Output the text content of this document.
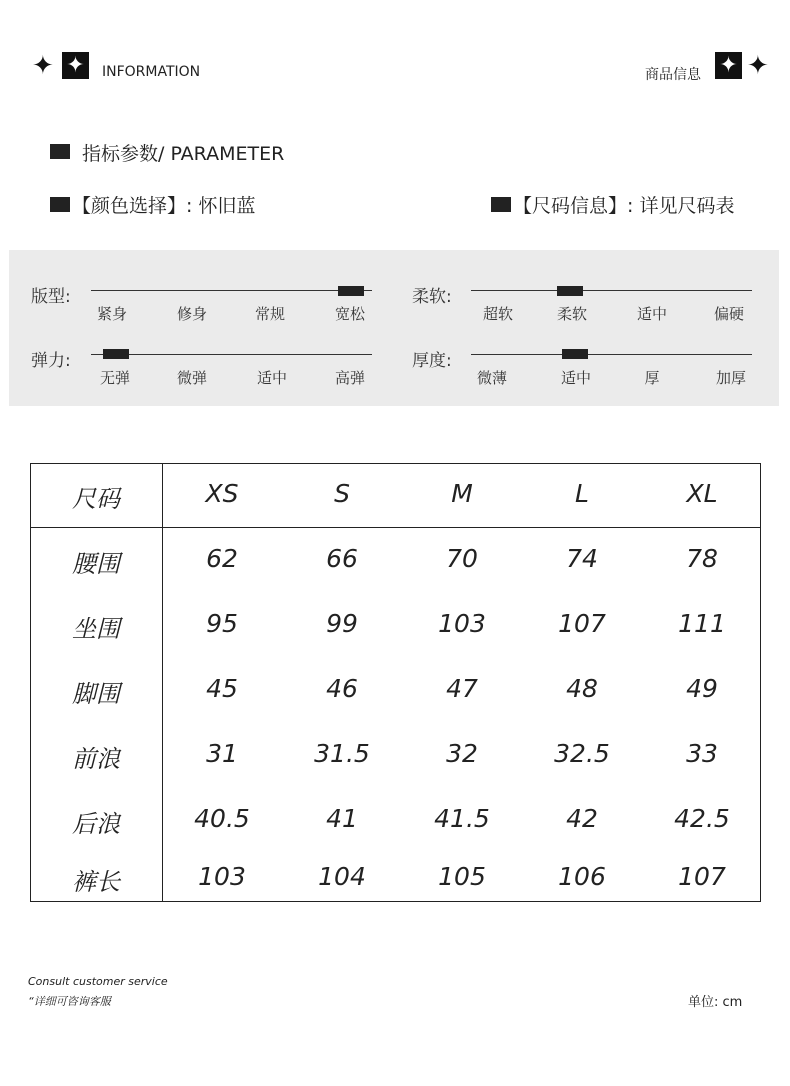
✦ ✦	INFORMATION	商品信息 ✦ ✦
指标参数/ PARAMETER
【颜色选择】: 怀旧蓝	【尺码信息】: 详见尺码表
版型:
紧身	修身	常规	宽松
柔软:
超软	柔软	适中	偏硬
弹力:
无弹	微弹	适中	高弹
厚度:
微薄	适中	厚	加厚
尺码	XS	S	M	L	XL
腰围	62	66	70	74	78
坐围	95	99	103	107	111
脚围	45	46	47	48	49
前浪	31	31.5	32	32.5	33
后浪	40.5	41	41.5	42	42.5
裤长	103	104	105	106	107
Consult customer service
“详细可咨询客服	单位: cm
